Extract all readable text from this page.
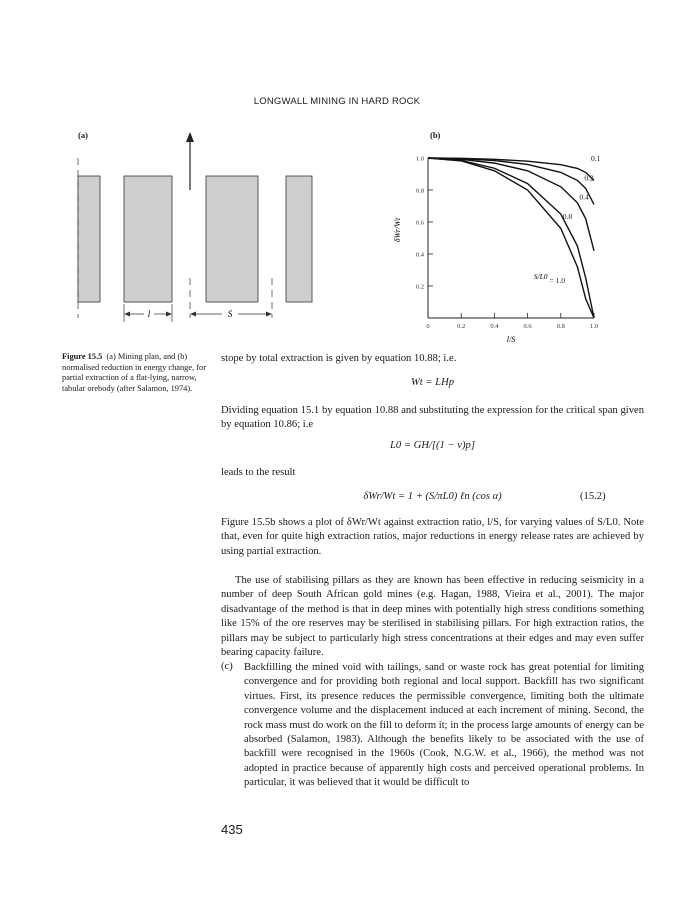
LONGWALL MINING IN HARD ROCK
(a)
l	S
(b)
0	0.2	0.4	0.6	0.8	1.0
0.2
0.4
0.6
0.8
1.0
l/S
δWr/Wt
0.1
0.2
0.4
0.8
S/L0 = 1.0
Figure 15.5 (a) Mining plan, and (b) normalised reduction in energy change, for partial extraction of a flat-lying, narrow, tabular orebody (after Salamon, 1974).
stope by total extraction is given by equation 10.88; i.e.
Wt = LHp
Dividing equation 15.1 by equation 10.88 and substituting the expression for the critical span given by equation 10.86; i.e
L0 = GH/[(1 − ν)p]
leads to the result
δWr/Wt = 1 + (S/πL0) ℓn (cos α)	(15.2)
Figure 15.5b shows a plot of δWr/Wt against extraction ratio, l/S, for varying values of S/L0. Note that, even for quite high extraction ratios, major reductions in energy release rates are achieved by using partial extraction.
The use of stabilising pillars as they are known has been effective in reducing seismicity in a number of deep South African gold mines (e.g. Hagan, 1988, Vieira et al., 2001). The major disadvantage of the method is that in deep mines with potentially high stress conditions something like 15% of the ore reserves may be sterilised in stabilising pillars. For high extraction ratios, the pillars may be subject to particularly high stress concentrations at their edges and may even suffer bearing capacity failure.
(c) Backfilling the mined void with tailings, sand or waste rock has great potential for limiting convergence and for providing both regional and local support. Backfill has two significant virtues. First, its presence reduces the permissible convergence, limiting both the ultimate convergence volume and the displacement induced at each increment of mining. Second, the rock mass must do work on the fill to deform it; in the process large amounts of energy can be absorbed (Salamon, 1983). Although the benefits likely to be associated with the use of backfill were recognised in the 1960s (Cook, N.G.W. et al., 1966), the method was not adopted in practice because of apparently high costs and perceived operational problems. In particular, it was believed that it would be difficult to
435
